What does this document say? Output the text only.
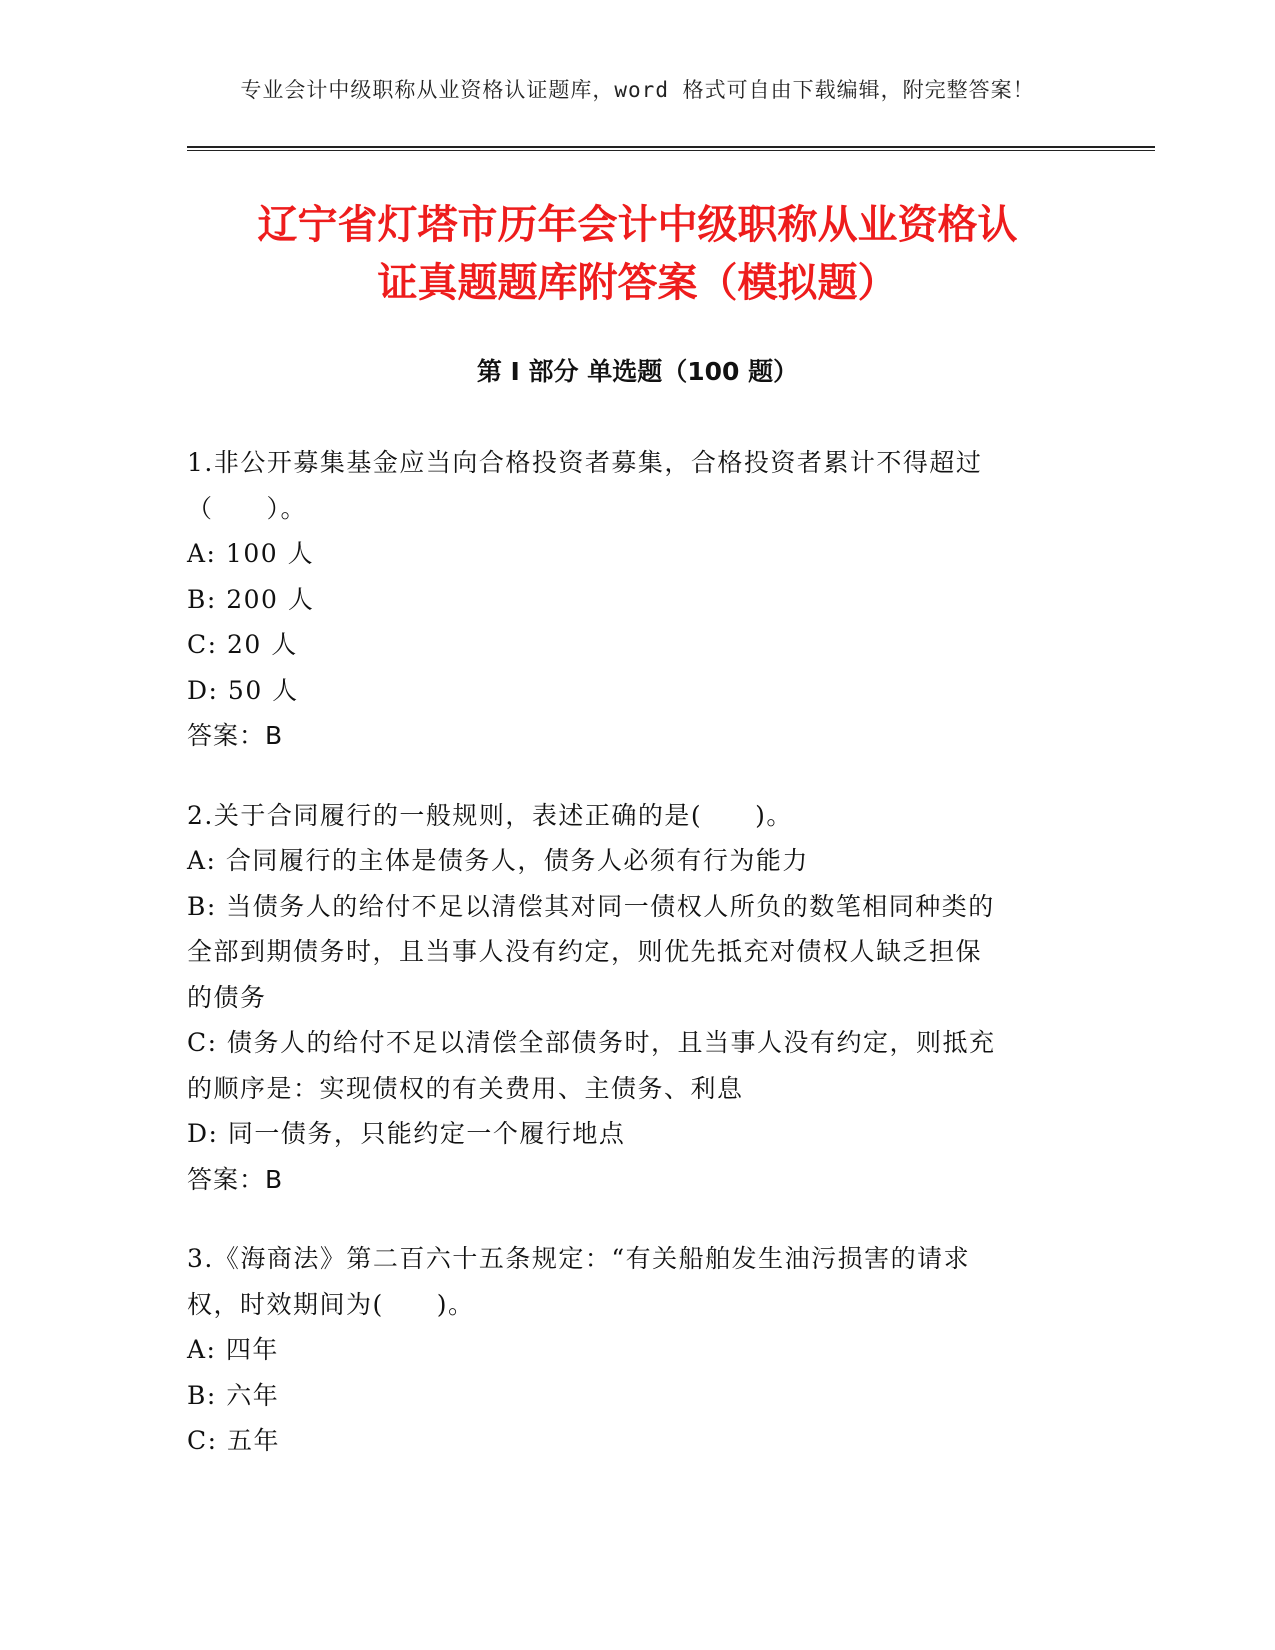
专业会计中级职称从业资格认证题库，word 格式可自由下载编辑，附完整答案！
辽宁省灯塔市历年会计中级职称从业资格认
证真题题库附答案（模拟题）
第 I 部分 单选题（100 题）
1.非公开募集基金应当向合格投资者募集，合格投资者累计不得超过
（　　）。
A: 100 人
B: 200 人
C: 20 人
D: 50 人
答案：B
2.关于合同履行的一般规则，表述正确的是(　　)。
A: 合同履行的主体是债务人，债务人必须有行为能力
B: 当债务人的给付不足以清偿其对同一债权人所负的数笔相同种类的
全部到期债务时，且当事人没有约定，则优先抵充对债权人缺乏担保
的债务
C: 债务人的给付不足以清偿全部债务时，且当事人没有约定，则抵充
的顺序是：实现债权的有关费用、主债务、利息
D: 同一债务，只能约定一个履行地点
答案：B
3.《海商法》第二百六十五条规定：“有关船舶发生油污损害的请求
权，时效期间为(　　)。
A: 四年
B: 六年
C: 五年
